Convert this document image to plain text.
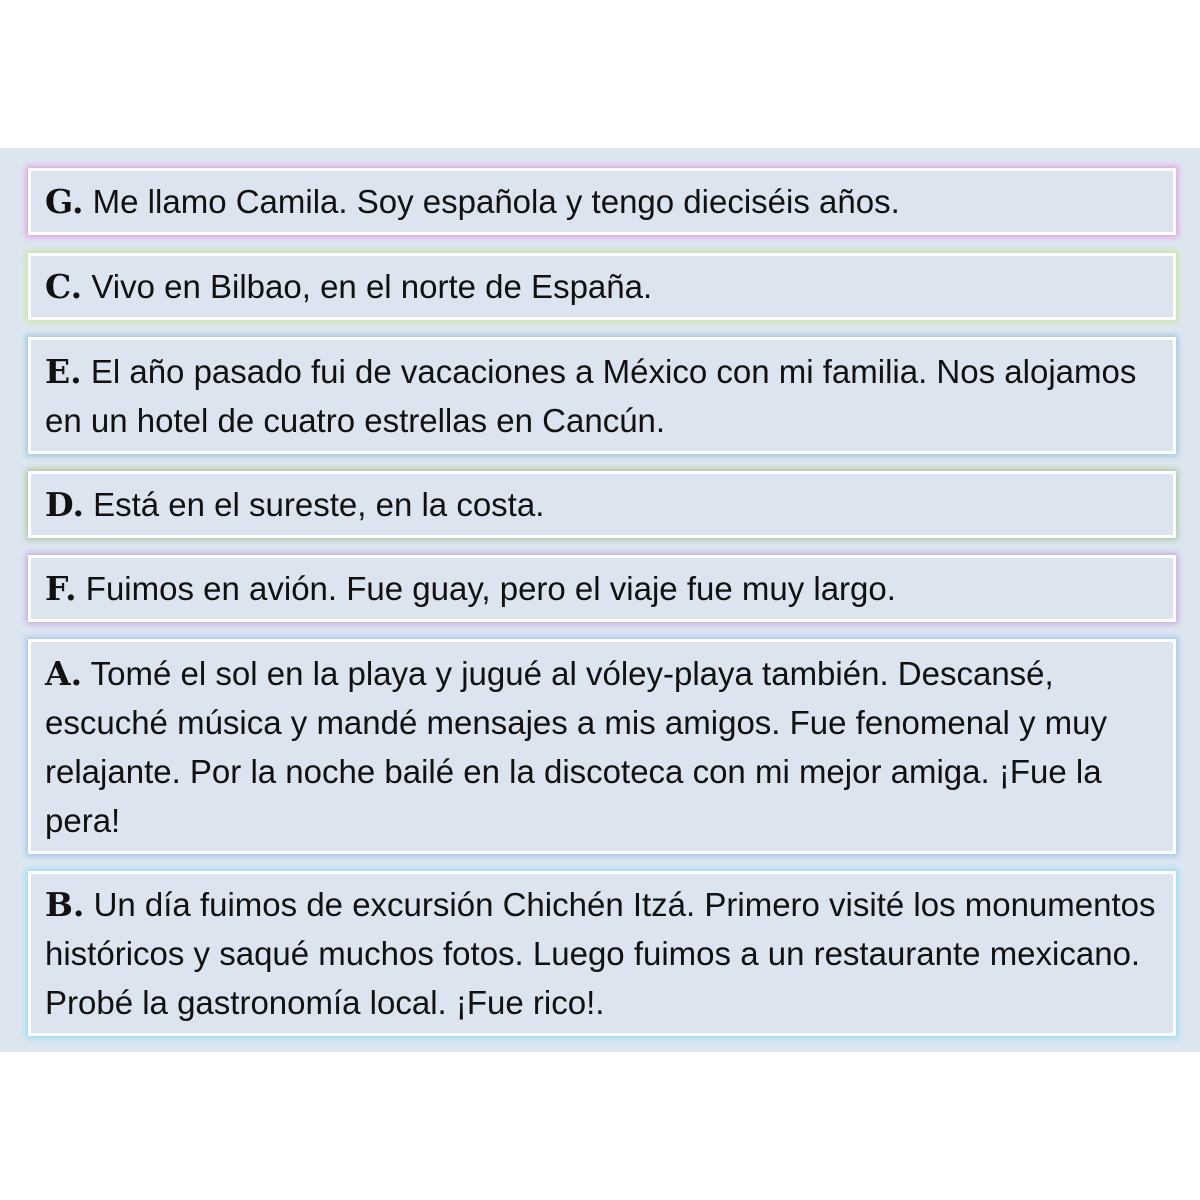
G. Me llamo Camila. Soy española y tengo dieciséis años.
C. Vivo en Bilbao, en el norte de España.
E. El año pasado fui de vacaciones a México con mi familia. Nos alojamos en un hotel de cuatro estrellas en Cancún.
D. Está en el sureste, en la costa.
F. Fuimos en avión. Fue guay, pero el viaje fue muy largo.
A. Tomé el sol en la playa y jugué al vóley-playa también. Descansé, escuché música y mandé mensajes a mis amigos. Fue fenomenal y muy relajante. Por la noche bailé en la discoteca con mi mejor amiga. ¡Fue la pera!
B. Un día fuimos de excursión Chichén Itzá. Primero visité los monumentos históricos y saqué muchos fotos. Luego fuimos a un restaurante mexicano. Probé la gastronomía local. ¡Fue rico!.
